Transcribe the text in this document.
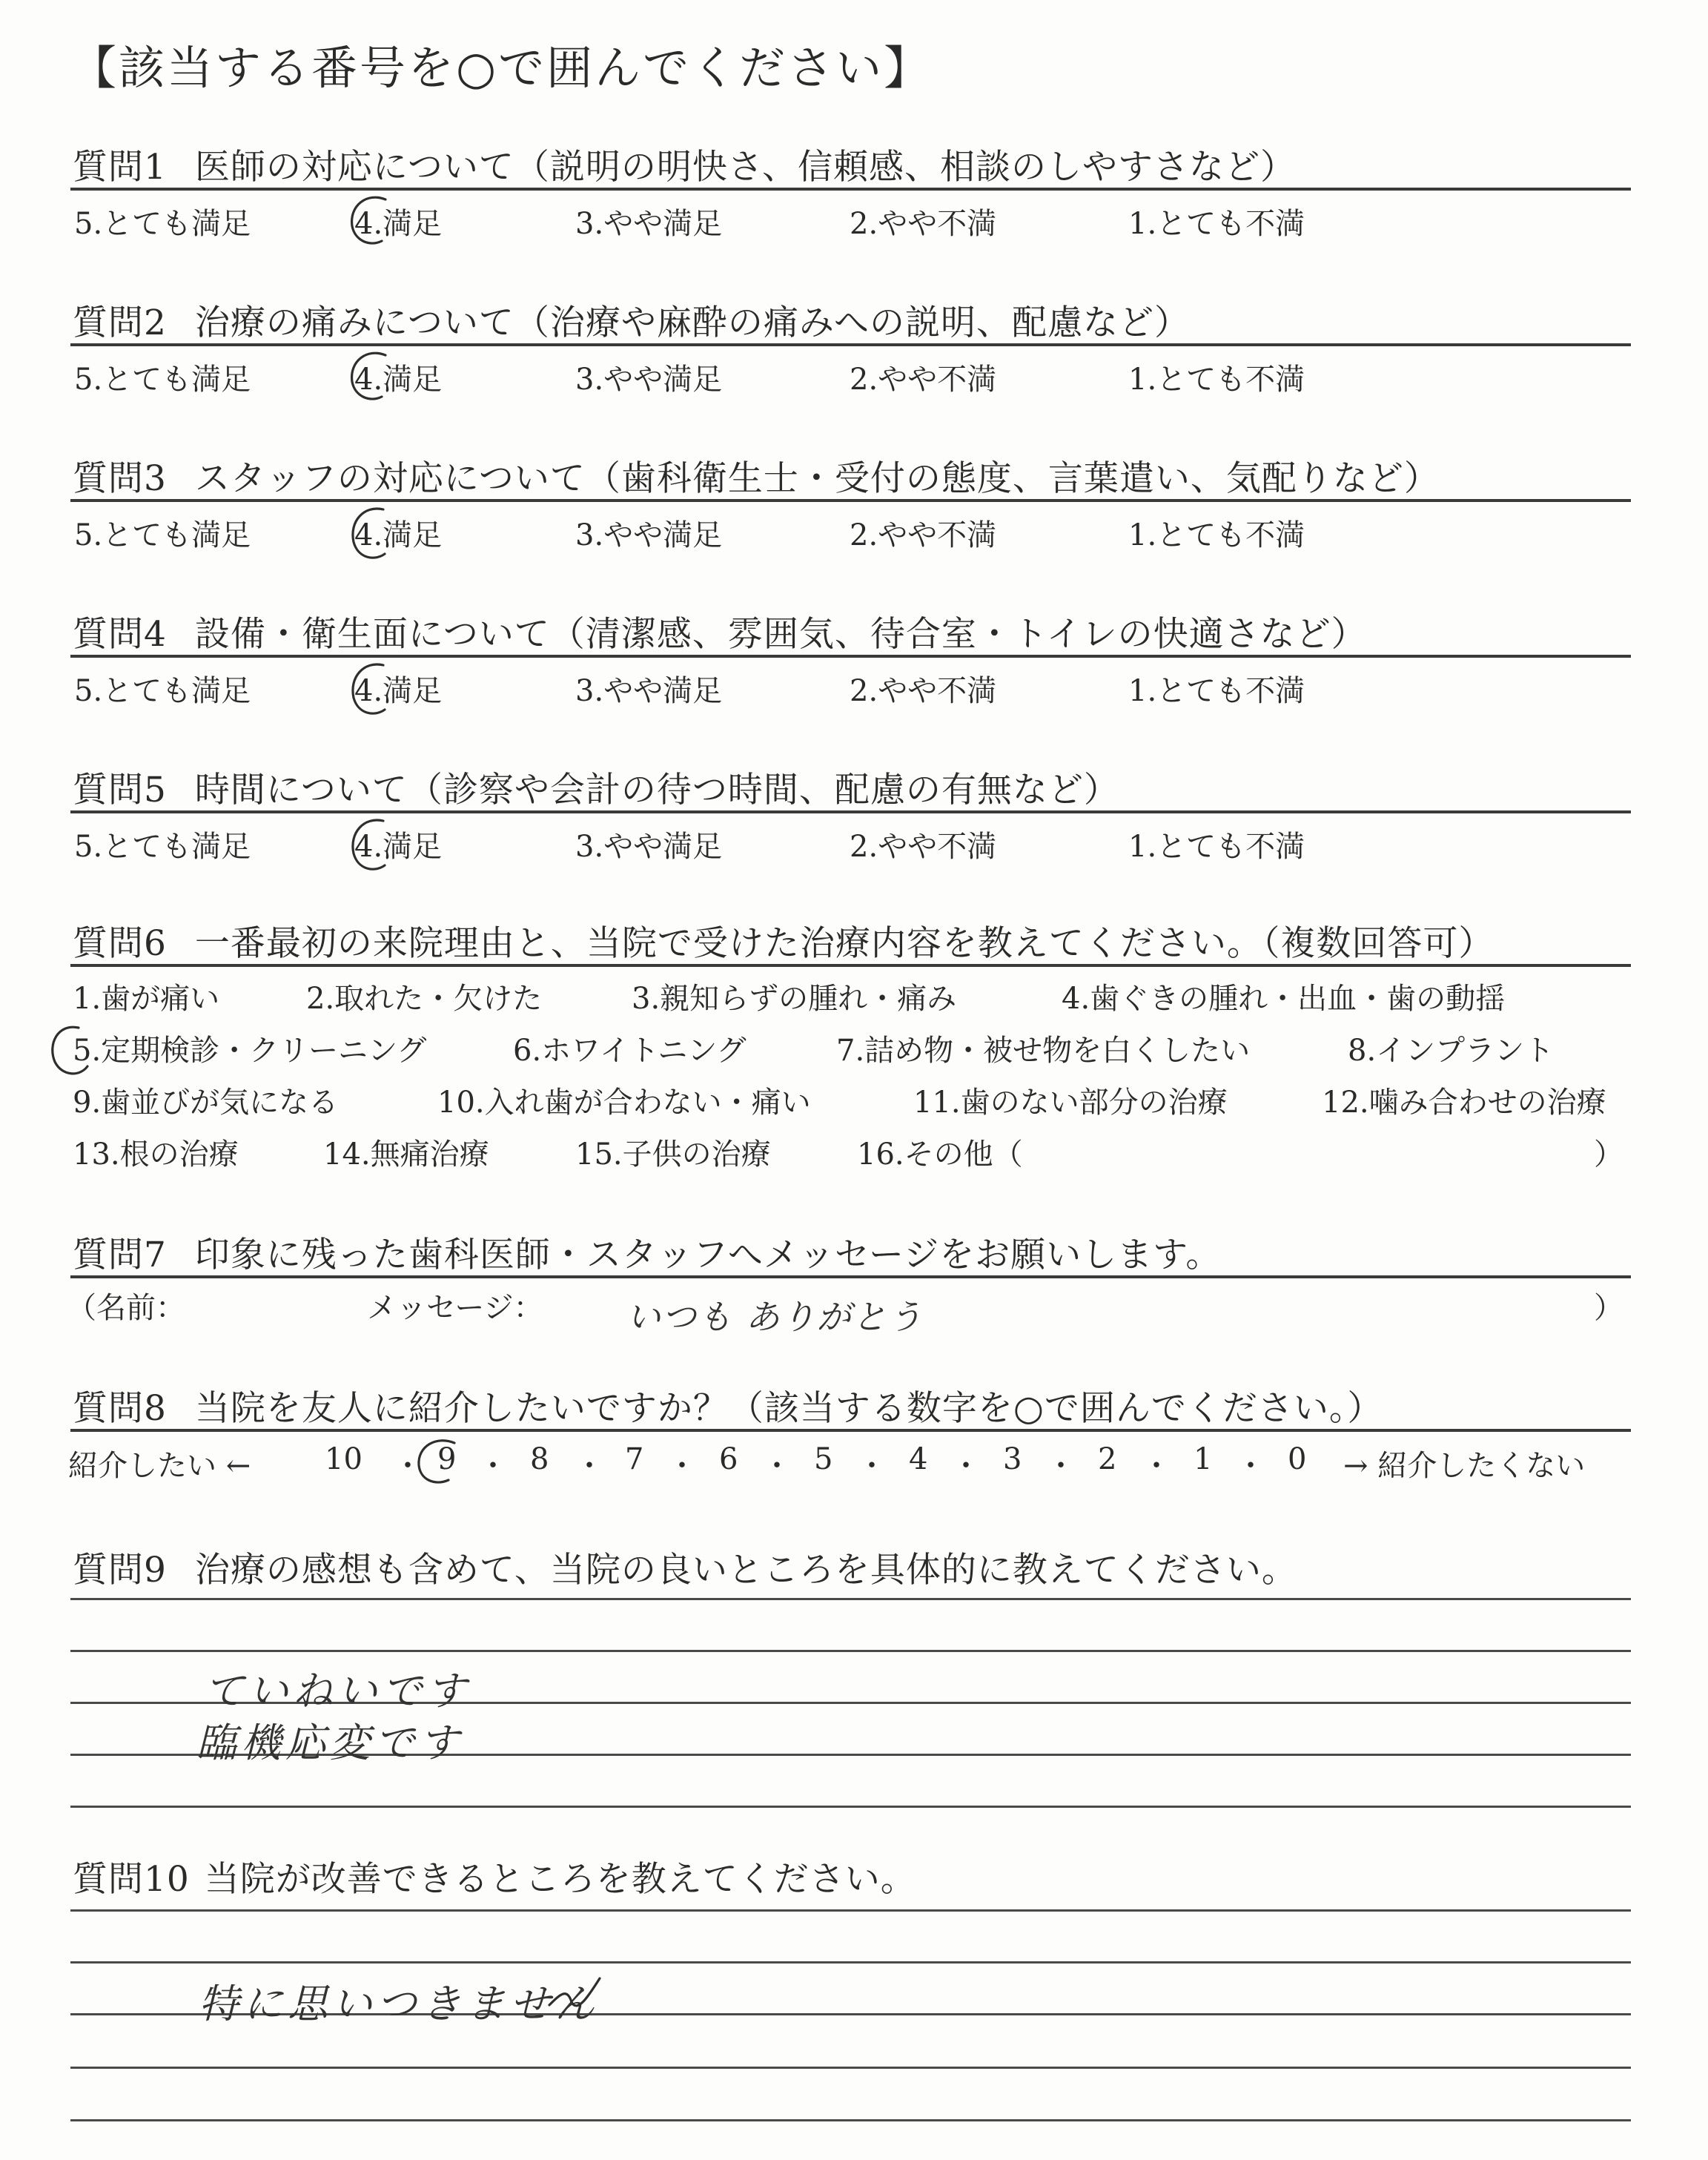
【該当する番号を○で囲んでください】
質問1 医師の対応について（説明の明快さ、信頼感、相談のしやすさなど）
5.とても満足	4.満足	3.やや満足	2.やや不満	1.とても不満
質問2 治療の痛みについて（治療や麻酔の痛みへの説明、配慮など）
5.とても満足	4.満足	3.やや満足	2.やや不満	1.とても不満
質問3 スタッフの対応について（歯科衛生士・受付の態度、言葉遣い、気配りなど）
5.とても満足	4.満足	3.やや満足	2.やや不満	1.とても不満
質問4 設備・衛生面について（清潔感、雰囲気、待合室・トイレの快適さなど）
5.とても満足	4.満足	3.やや満足	2.やや不満	1.とても不満
質問5 時間について（診察や会計の待つ時間、配慮の有無など）
5.とても満足	4.満足	3.やや満足	2.やや不満	1.とても不満
質問6 一番最初の来院理由と、当院で受けた治療内容を教えてください。（複数回答可）
1.歯が痛い	2.取れた・欠けた	3.親知らずの腫れ・痛み	4.歯ぐきの腫れ・出血・歯の動揺
5.定期検診・クリーニング	6.ホワイトニング	7.詰め物・被せ物を白くしたい	8.インプラント
9.歯並びが気になる	10.入れ歯が合わない・痛い	11.歯のない部分の治療	12.噛み合わせの治療
13.根の治療	14.無痛治療	15.子供の治療	16.その他（	）
質問7 印象に残った歯科医師・スタッフへメッセージをお願いします。
（名前：	メッセージ： いつも ありがとう	）
質問8 当院を友人に紹介したいですか？（該当する数字を○で囲んでください。）
紹介したい ← 10	9 8	7	6	5	4	3	2	1	0 → 紹介したくない
・ ・ ・ ・ ・ ・ ・ ・ ・ ・
質問9 治療の感想も含めて、当院の良いところを具体的に教えてください。
ていねいです
臨機応変です
質問10 当院が改善できるところを教えてください。
特に思いつきません
